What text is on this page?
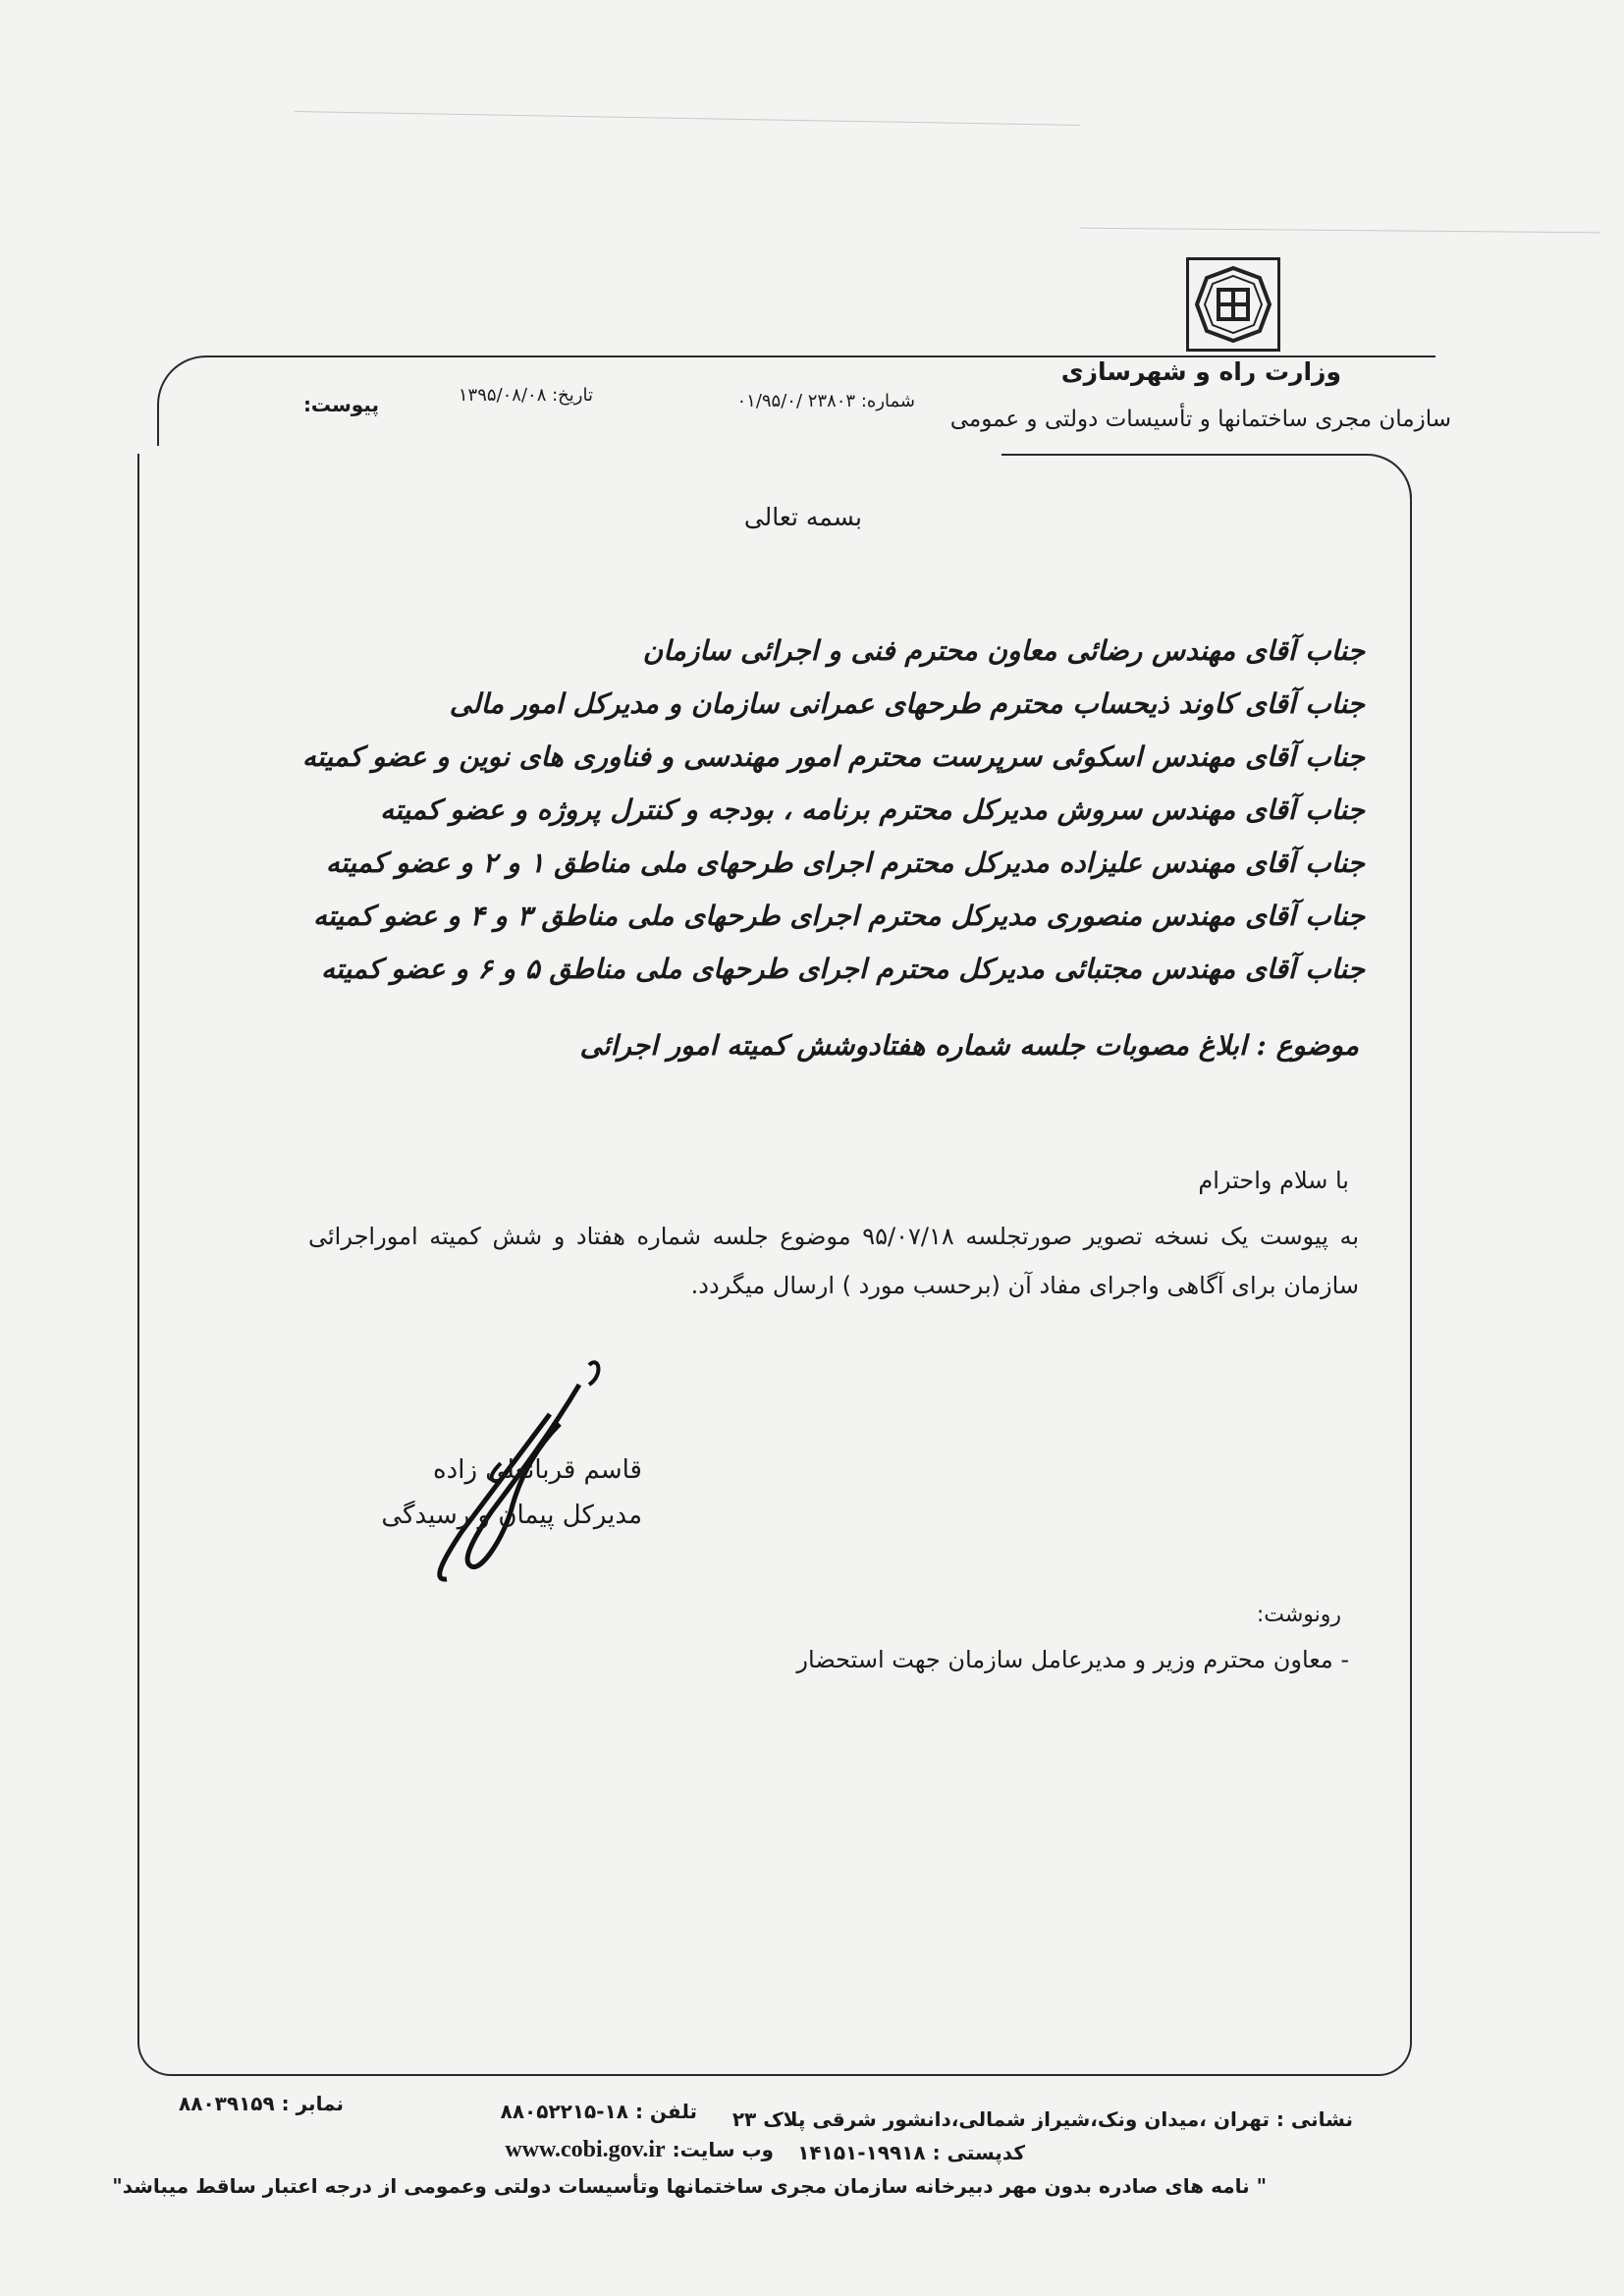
وزارت راه و شهرسازی
سازمان مجری ساختمانها و تأسیسات دولتی و عمومی
شماره: ۲۳۸۰۳ /۰۱/۹۵/۰
تاریخ: ۱۳۹۵/۰۸/۰۸
پیوست:
بسمه تعالی
جناب آقای مهندس رضائی معاون محترم فنی و اجرائی سازمان
جناب آقای کاوند ذیحساب محترم طرحهای عمرانی سازمان و مدیرکل امور مالی
جناب آقای مهندس اسکوئی سرپرست محترم امور مهندسی و فناوری های نوین و عضو کمیته
جناب آقای مهندس سروش مدیرکل محترم برنامه ، بودجه و کنترل پروژه و عضو کمیته
جناب آقای مهندس علیزاده مدیرکل محترم اجرای طرحهای ملی مناطق ۱ و ۲ و عضو کمیته
جناب آقای مهندس منصوری مدیرکل محترم اجرای طرحهای ملی مناطق ۳ و ۴ و عضو کمیته
جناب آقای مهندس مجتبائی مدیرکل محترم اجرای طرحهای ملی مناطق ۵ و ۶ و عضو کمیته
موضوع : ابلاغ مصوبات جلسه شماره هفتادوشش کمیته امور اجرائی
با سلام واحترام
به پیوست یک نسخه تصویر صورتجلسه ۹۵/۰۷/۱۸ موضوع جلسه شماره هفتاد و شش کمیته اموراجرائی سازمان برای آگاهی واجرای مفاد آن (برحسب مورد ) ارسال میگردد.
قاسم قربانعلی زاده
مدیرکل پیمان و رسیدگی
رونوشت:
- معاون محترم وزیر و مدیرعامل سازمان جهت استحضار
نمابر : ۸۸۰۳۹۱۵۹	تلفن : ۱۸-۸۸۰۵۲۲۱۵ نشانی : تهران ،میدان ونک،شیراز شمالی،دانشور شرقی پلاک ۲۳
وب سایت: www.cobi.gov.ir	کدپستی : ۱۹۹۱۸-۱۴۱۵۱
" نامه های صادره بدون مهر دبیرخانه سازمان مجری ساختمانها وتأسیسات دولتی وعمومی از درجه اعتبار ساقط میباشد"
